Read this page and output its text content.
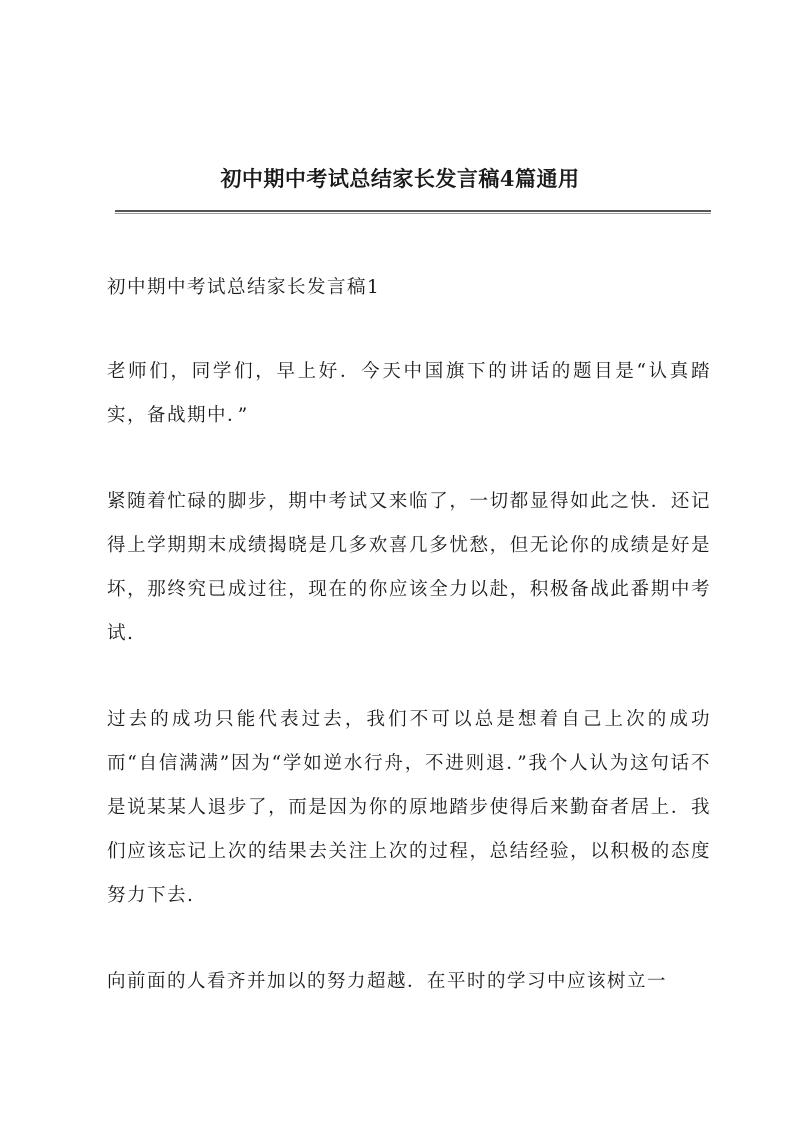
初中期中考试总结家长发言稿4篇通用
初中期中考试总结家长发言稿1

老师们，同学们，早上好．今天中国旗下的讲话的题目是“认真踏实，备战期中．”

紧随着忙碌的脚步，期中考试又来临了，一切都显得如此之快．还记得上学期期末成绩揭晓是几多欢喜几多忧愁，但无论你的成绩是好是坏，那终究已成过往，现在的你应该全力以赴，积极备战此番期中考试.

过去的成功只能代表过去，我们不可以总是想着自己上次的成功而“自信满满”因为“学如逆水行舟，不进则退．”我个人认为这句话不是说某某人退步了，而是因为你的原地踏步使得后来勤奋者居上．我们应该忘记上次的结果去关注上次的过程，总结经验，以积极的态度努力下去.

向前面的人看齐并加以的努力超越．在平时的学习中应该树立一
